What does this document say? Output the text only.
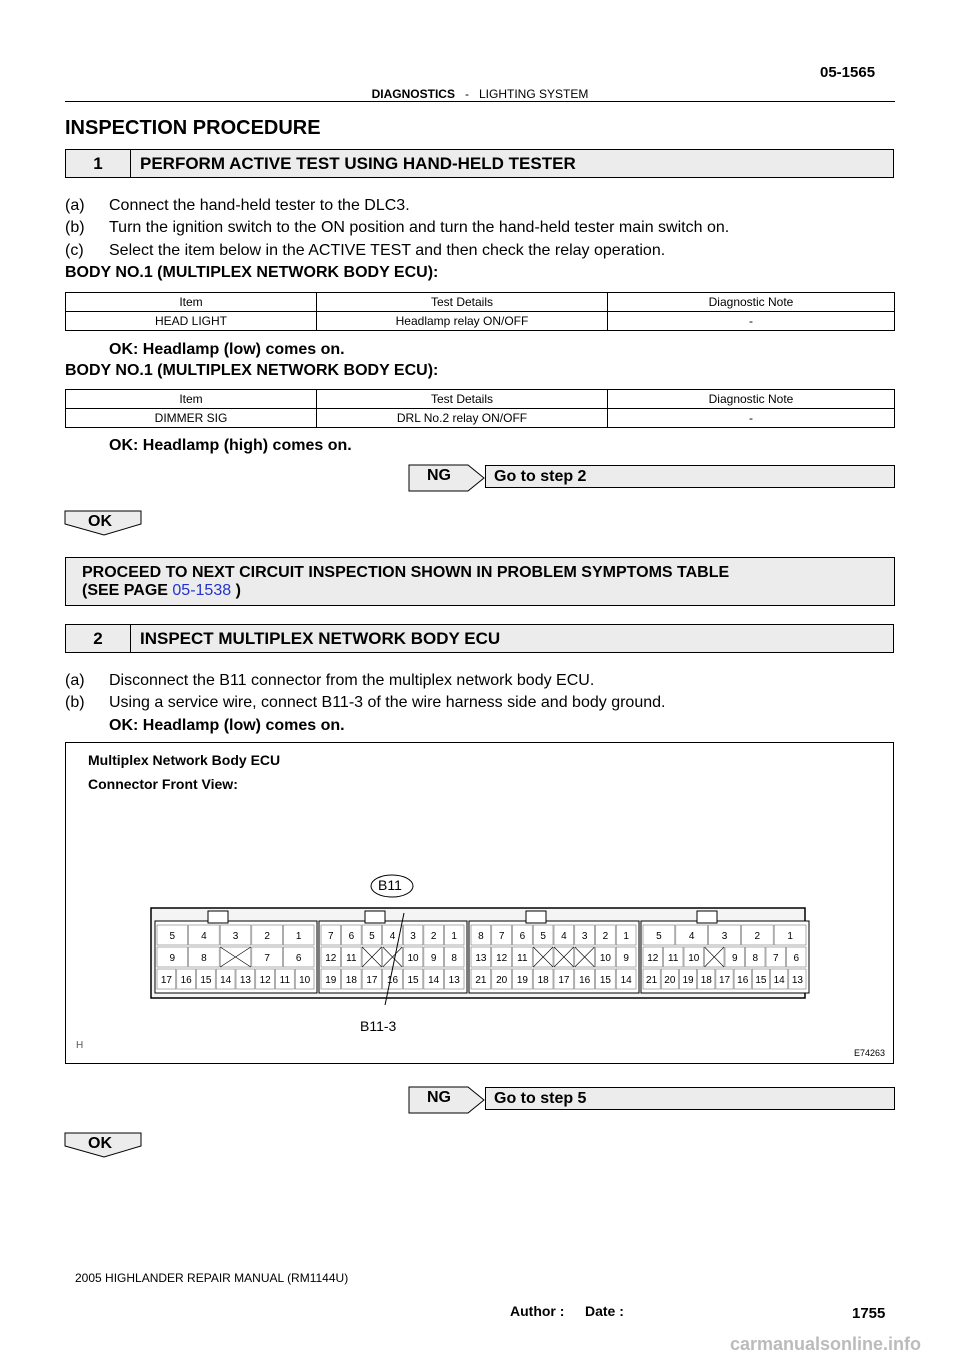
05-1565
DIAGNOSTICS - LIGHTING SYSTEM
INSPECTION PROCEDURE
1	PERFORM ACTIVE TEST USING HAND-HELD TESTER
(a) Connect the hand-held tester to the DLC3.
(b) Turn the ignition switch to the ON position and turn the hand-held tester main switch on.
(c) Select the item below in the ACTIVE TEST and then check the relay operation.
BODY NO.1 (MULTIPLEX NETWORK BODY ECU):
Item	Test Details	Diagnostic Note
HEAD LIGHT	Headlamp relay ON/OFF	-
OK: Headlamp (low) comes on.
BODY NO.1 (MULTIPLEX NETWORK BODY ECU):
Item	Test Details	Diagnostic Note
DIMMER SIG	DRL No.2 relay ON/OFF	-
OK: Headlamp (high) comes on.
NG	Go to step 2
OK
PROCEED TO NEXT CIRCUIT INSPECTION SHOWN IN PROBLEM SYMPTOMS TABLE
(SEE PAGE 05-1538 )
2	INSPECT MULTIPLEX NETWORK BODY ECU
(a) Disconnect the B11 connector from the multiplex network body ECU.
(b) Using a service wire, connect B11-3 of the wire harness side and body ground.
OK: Headlamp (low) comes on.
Multiplex Network Body ECU
Connector Front View:
B11
5	4	3	2	1
9	8	7	6
17 16 15 14 13 12 11 10
7 6 5 4 3 2 1
12 11	10 9 8
19 18 17 16 15 14 13
8 7 6 5 4 3 2 1
13 12 11	10 9
21 20 19 18 17 16 15 14
5	4	3	2	1
12 11 10	9 8 7 6
21 20 19 18 17 16 15 14 13
B11-3
H
E74263
NG	Go to step 5
OK
2005 HIGHLANDER REPAIR MANUAL (RM1144U)
Author : Date :	1755
carmanualsonline.info
